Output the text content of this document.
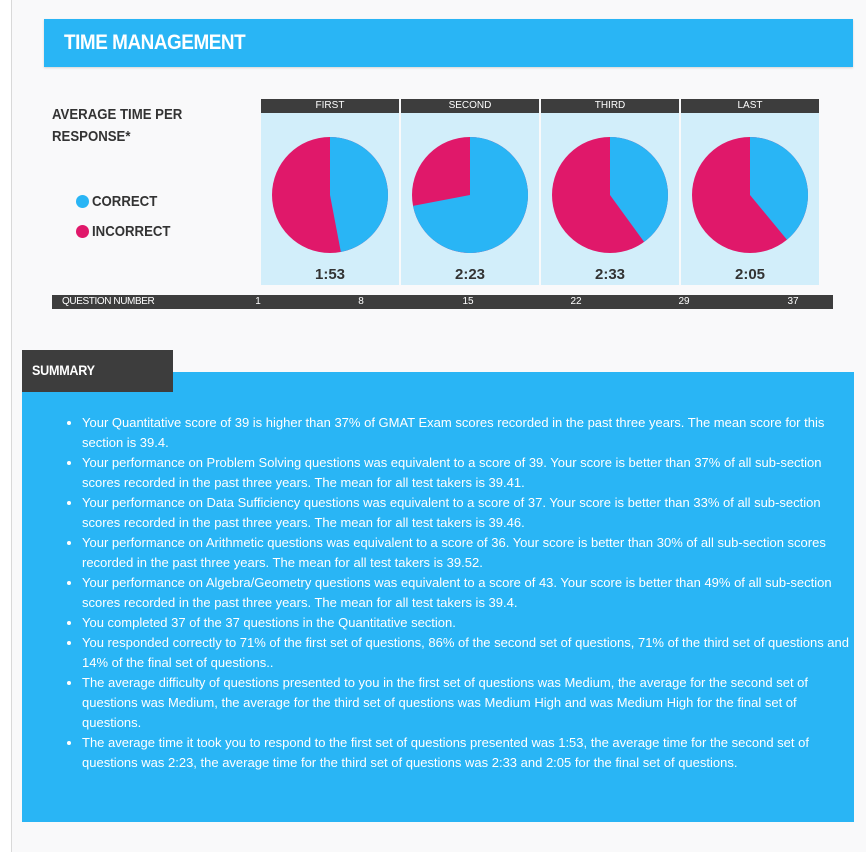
TIME MANAGEMENT
AVERAGE TIME PER RESPONSE*
CORRECT
INCORRECT
FIRST
1:53
SECOND
2:23
THIRD
2:33
LAST
2:05
QUESTION NUMBER	1	8	15	22	29	37
SUMMARY
• Your Quantitative score of 39 is higher than 37% of GMAT Exam scores recorded in the past three years. The mean score for this section is 39.4.
• Your performance on Problem Solving questions was equivalent to a score of 39. Your score is better than 37% of all sub-section scores recorded in the past three years. The mean for all test takers is 39.41.
• Your performance on Data Sufficiency questions was equivalent to a score of 37. Your score is better than 33% of all sub-section scores recorded in the past three years. The mean for all test takers is 39.46.
• Your performance on Arithmetic questions was equivalent to a score of 36. Your score is better than 30% of all sub-section scores recorded in the past three years. The mean for all test takers is 39.52.
• Your performance on Algebra/Geometry questions was equivalent to a score of 43. Your score is better than 49% of all sub-section scores recorded in the past three years. The mean for all test takers is 39.4.
• You completed 37 of the 37 questions in the Quantitative section.
• You responded correctly to 71% of the first set of questions, 86% of the second set of questions, 71% of the third set of questions and 14% of the final set of questions..
• The average difficulty of questions presented to you in the first set of questions was Medium, the average for the second set of questions was Medium, the average for the third set of questions was Medium High and was Medium High for the final set of questions.
• The average time it took you to respond to the first set of questions presented was 1:53, the average time for the second set of questions was 2:23, the average time for the third set of questions was 2:33 and 2:05 for the final set of questions.
